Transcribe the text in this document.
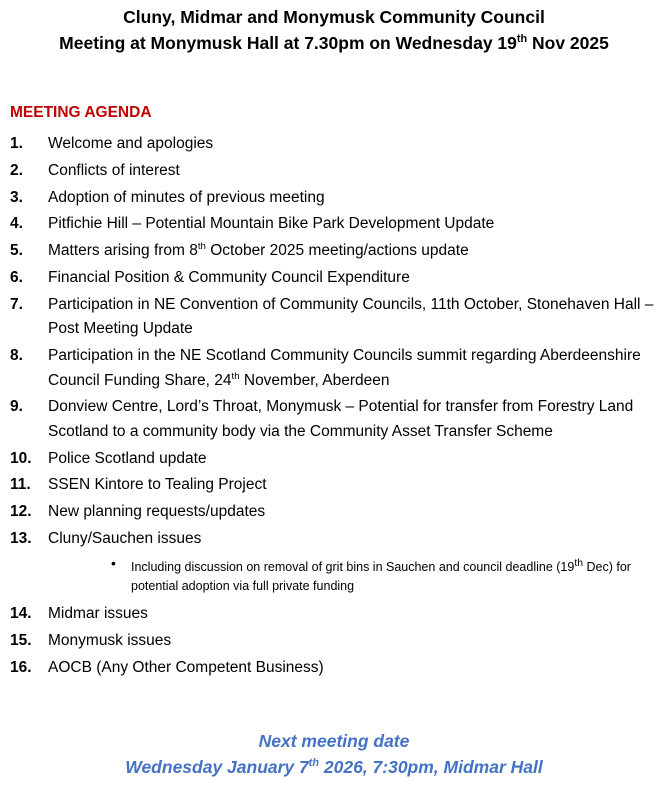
Cluny, Midmar and Monymusk Community Council
Meeting at Monymusk Hall at 7.30pm on Wednesday 19th Nov 2025
MEETING AGENDA
1. Welcome and apologies
2. Conflicts of interest
3. Adoption of minutes of previous meeting
4. Pitfichie Hill – Potential Mountain Bike Park Development Update
5. Matters arising from 8th October 2025 meeting/actions update
6. Financial Position & Community Council Expenditure
7. Participation in NE Convention of Community Councils, 11th October, Stonehaven Hall – Post Meeting Update
8. Participation in the NE Scotland Community Councils summit regarding Aberdeenshire Council Funding Share, 24th November, Aberdeen
9. Donview Centre, Lord’s Throat, Monymusk – Potential for transfer from Forestry Land Scotland to a community body via the Community Asset Transfer Scheme
10. Police Scotland update
11. SSEN Kintore to Tealing Project
12. New planning requests/updates
13. Cluny/Sauchen issues
• Including discussion on removal of grit bins in Sauchen and council deadline (19th Dec) for potential adoption via full private funding
14. Midmar issues
15. Monymusk issues
16. AOCB (Any Other Competent Business)
Next meeting date
Wednesday January 7th 2026, 7:30pm, Midmar Hall
